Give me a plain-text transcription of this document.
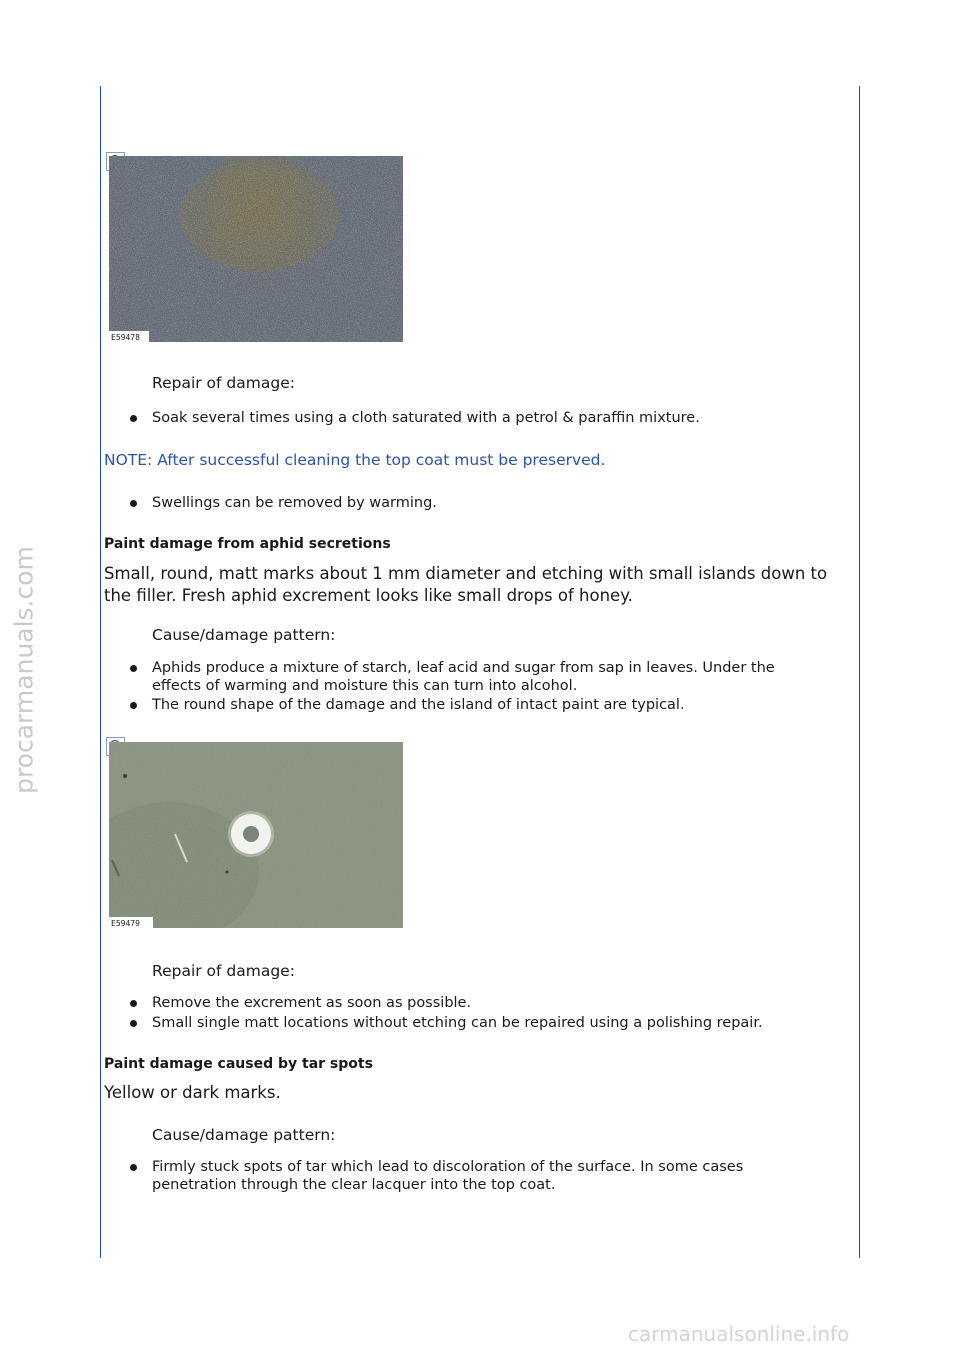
procarmanuals.com
E59478
Repair of damage:
Soak several times using a cloth saturated with a petrol & paraffin mixture.
NOTE: After successful cleaning the top coat must be preserved.
Swellings can be removed by warming.
Paint damage from aphid secretions
Small, round, matt marks about 1 mm diameter and etching with small islands down to the filler. Fresh aphid excrement looks like small drops of honey.
Cause/damage pattern:
Aphids produce a mixture of starch, leaf acid and sugar from sap in leaves. Under the effects of warming and moisture this can turn into alcohol.
The round shape of the damage and the island of intact paint are typical.
E59479
Repair of damage:
Remove the excrement as soon as possible.
Small single matt locations without etching can be repaired using a polishing repair.
Paint damage caused by tar spots
Yellow or dark marks.
Cause/damage pattern:
Firmly stuck spots of tar which lead to discoloration of the surface. In some cases penetration through the clear lacquer into the top coat.
carmanualsonline.info
